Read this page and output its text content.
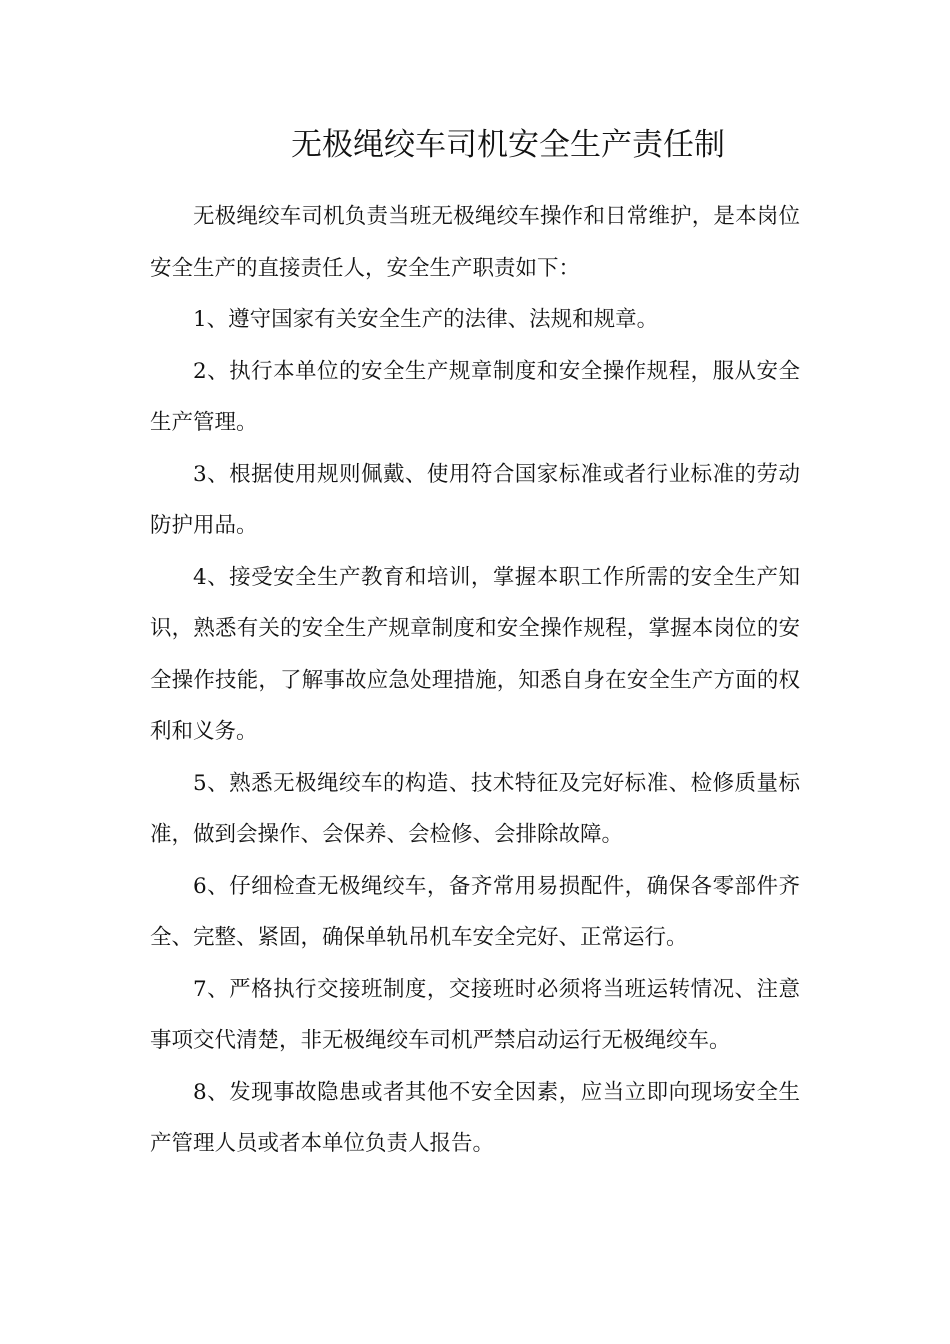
无极绳绞车司机安全生产责任制

无极绳绞车司机负责当班无极绳绞车操作和日常维护，是本岗位安全生产的直接责任人，安全生产职责如下：

1、遵守国家有关安全生产的法律、法规和规章。

2、执行本单位的安全生产规章制度和安全操作规程，服从安全生产管理。

3、根据使用规则佩戴、使用符合国家标准或者行业标准的劳动防护用品。

4、接受安全生产教育和培训，掌握本职工作所需的安全生产知识，熟悉有关的安全生产规章制度和安全操作规程，掌握本岗位的安全操作技能，了解事故应急处理措施，知悉自身在安全生产方面的权利和义务。

5、熟悉无极绳绞车的构造、技术特征及完好标准、检修质量标准，做到会操作、会保养、会检修、会排除故障。

6、仔细检查无极绳绞车，备齐常用易损配件，确保各零部件齐全、完整、紧固，确保单轨吊机车安全完好、正常运行。

7、严格执行交接班制度，交接班时必须将当班运转情况、注意事项交代清楚，非无极绳绞车司机严禁启动运行无极绳绞车。

8、发现事故隐患或者其他不安全因素，应当立即向现场安全生产管理人员或者本单位负责人报告。
